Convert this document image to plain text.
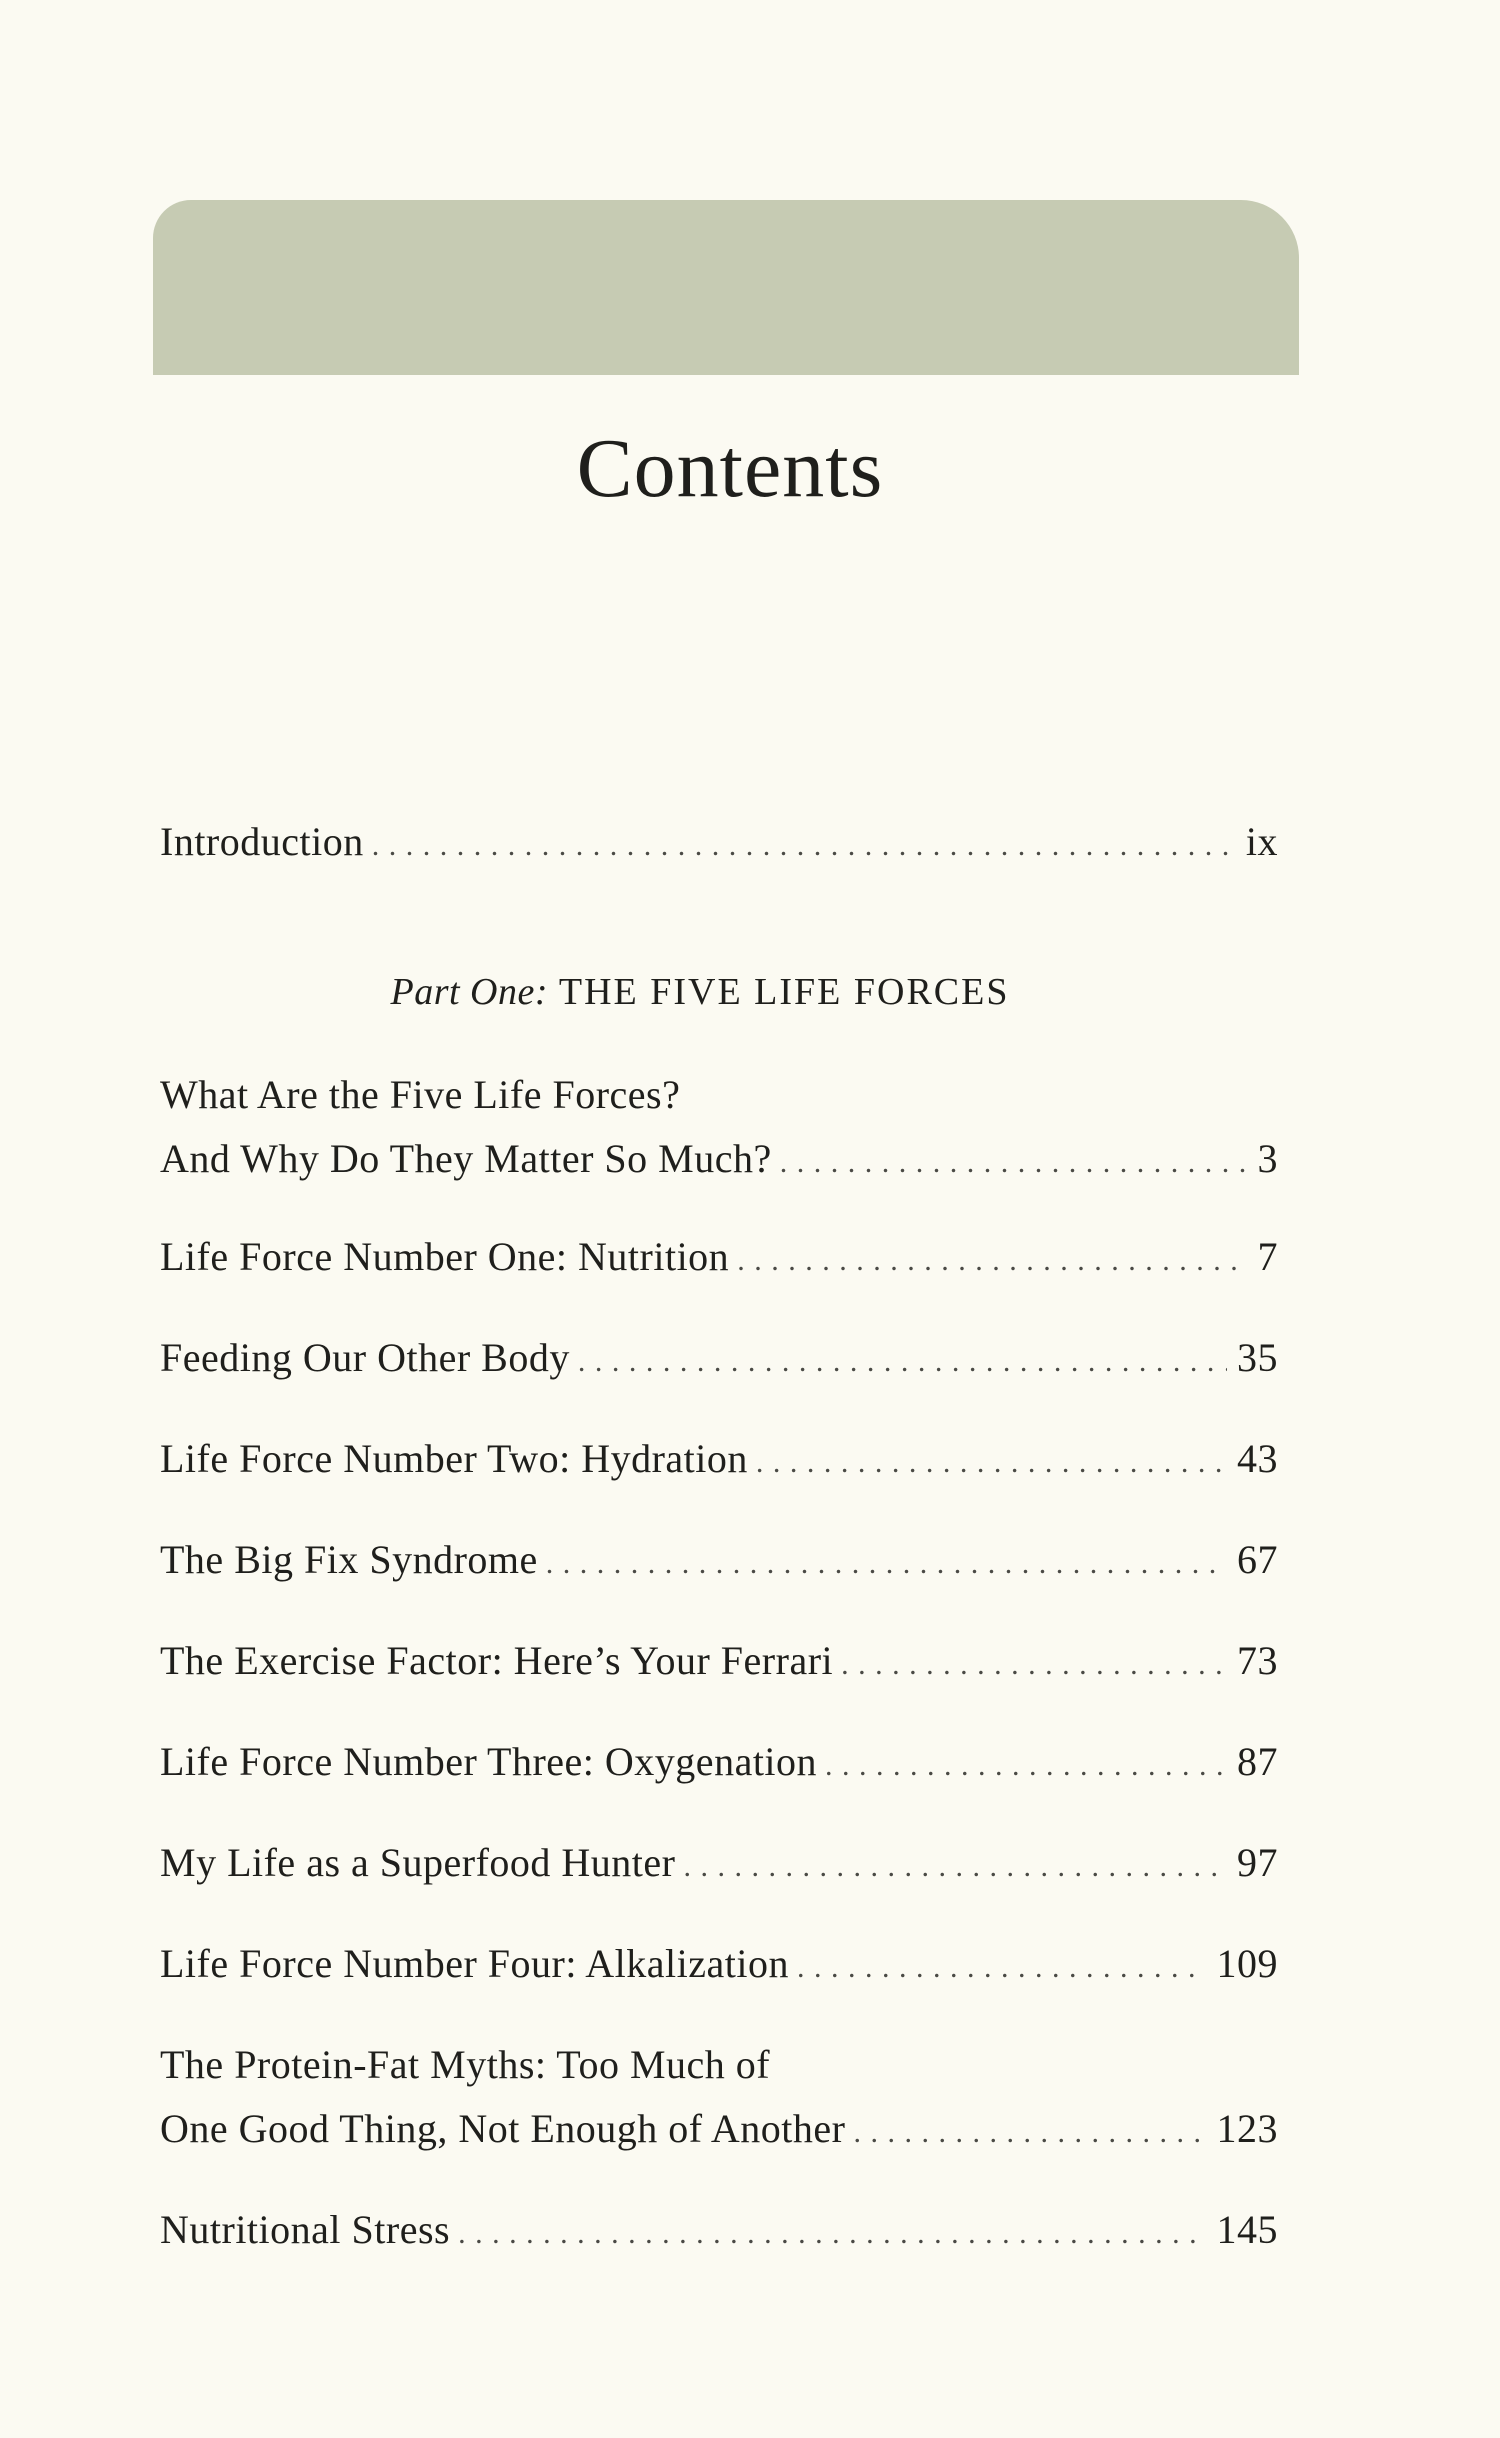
Contents
Introduction . . .	ix
Part One: THE FIVE LIFE FORCES
What Are the Five Life Forces?
And Why Do They Matter So Much? . . .	3
Life Force Number One: Nutrition . . .	7
Feeding Our Other Body . . .	35
Life Force Number Two: Hydration . . .	43
The Big Fix Syndrome . . .	67
The Exercise Factor: Here’s Your Ferrari . . .	73
Life Force Number Three: Oxygenation . . .	87
My Life as a Superfood Hunter . . .	97
Life Force Number Four: Alkalization . . .	109
The Protein-Fat Myths: Too Much of
One Good Thing, Not Enough of Another . . .	123
Nutritional Stress . . .	145
